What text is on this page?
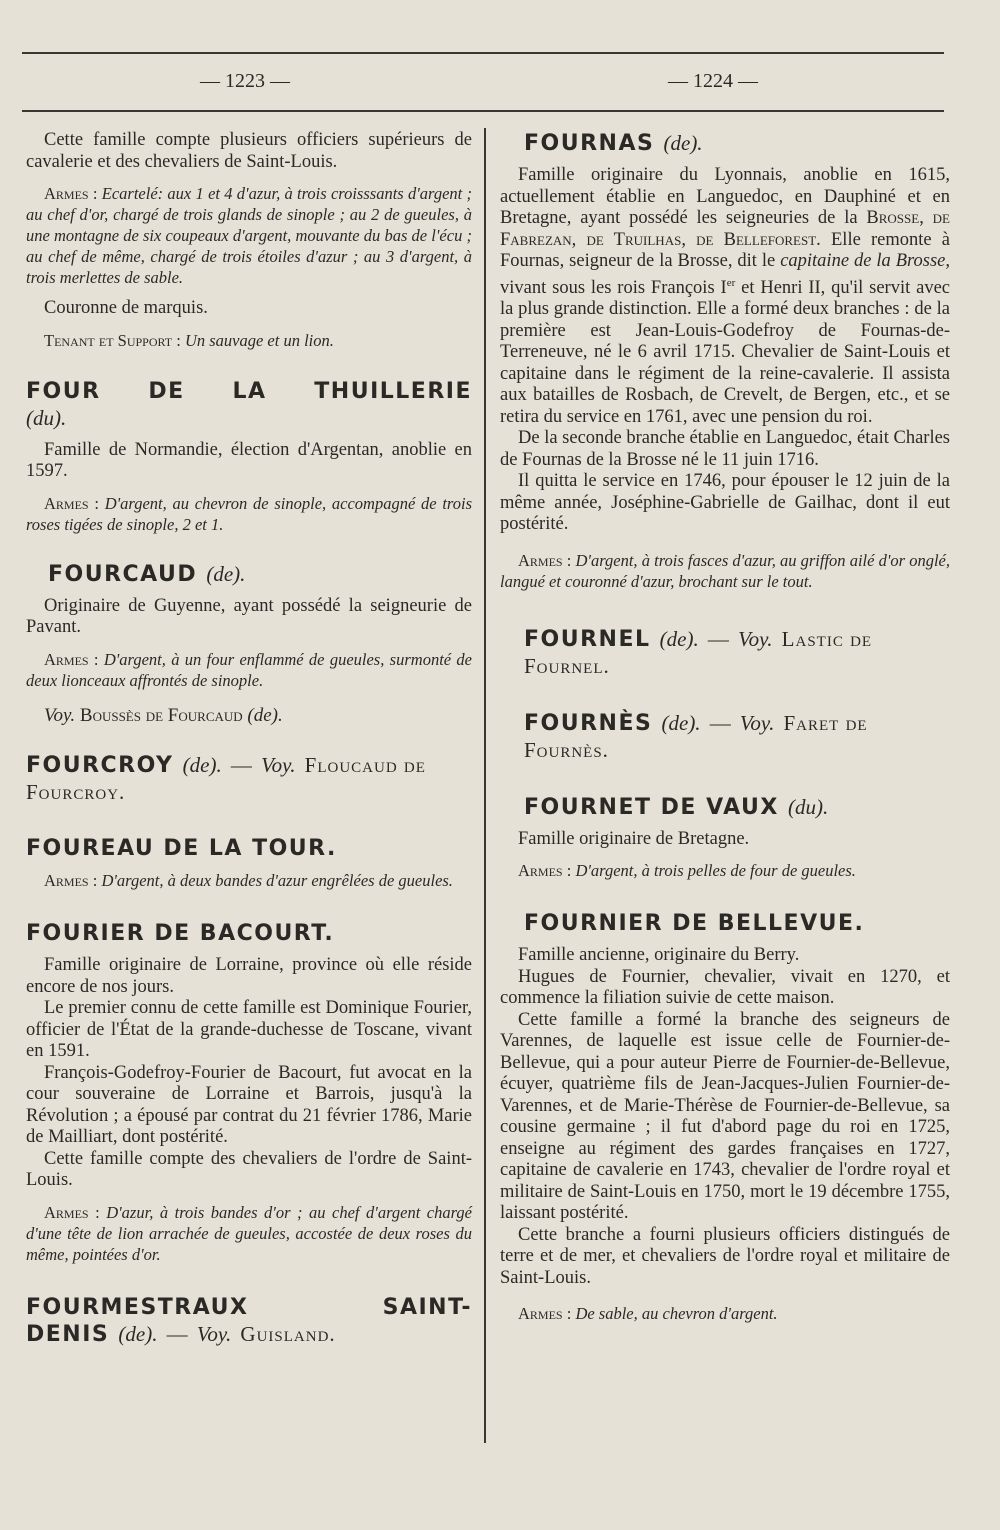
— 1223 —	— 1224 —

Cette famille compte plusieurs officiers supérieurs de cavalerie et des chevaliers de Saint-Louis.

Armes : Ecartelé: aux 1 et 4 d'azur, à trois croisssants d'argent ; au chef d'or, chargé de trois glands de sinople ; au 2 de gueules, à une montagne de six coupeaux d'argent, mouvante du bas de l'écu ; au chef de même, chargé de trois étoiles d'azur ; au 3 d'argent, à trois merlettes de sable.

Couronne de marquis.

Tenant et Support : Un sauvage et un lion.

FOUR DE LA THUILLERIE
(du).

Famille de Normandie, élection d'Argentan, anoblie en 1597.

Armes : D'argent, au chevron de sinople, accompagné de trois roses tigées de sinople, 2 et 1.

FOURCAUD (de).

Originaire de Guyenne, ayant possédé la seigneurie de Pavant.

Armes : D'argent, à un four enflammé de gueules, surmonté de deux lionceaux affrontés de sinople.

Voy. Boussès de Fourcaud (de).

FOURCROY (de). — Voy. Floucaud de Fourcroy.
FOUREAU DE LA TOUR.

Armes : D'argent, à deux bandes d'azur engrêlées de gueules.

FOURIER DE BACOURT.

Famille originaire de Lorraine, province où elle réside encore de nos jours.

Le premier connu de cette famille est Dominique Fourier, officier de l'État de la grande-duchesse de Toscane, vivant en 1591.

François-Godefroy-Fourier de Bacourt, fut avocat en la cour souveraine de Lorraine et Barrois, jusqu'à la Révolution ; a épousé par contrat du 21 février 1786, Marie de Mailliart, dont postérité.

Cette famille compte des chevaliers de l'ordre de Saint-Louis.

Armes : D'azur, à trois bandes d'or ; au chef d'argent chargé d'une tête de lion arrachée de gueules, accostée de deux roses du même, pointées d'or.

FOURMESTRAUX SAINT-
DENIS (de). — Voy. Guisland.
FOURNAS (de).

Famille originaire du Lyonnais, anoblie en 1615, actuellement établie en Languedoc, en Dauphiné et en Bretagne, ayant possédé les seigneuries de la Brosse, de Fabrezan, de Truilhas, de Belleforest. Elle remonte à Fournas, seigneur de la Brosse, dit le capitaine de la Brosse, vivant sous les rois François Ier et Henri II, qu'il servit avec la plus grande distinction. Elle a formé deux branches : de la première est Jean-Louis-Godefroy de Fournas-de-Terreneuve, né le 6 avril 1715. Chevalier de Saint-Louis et capitaine dans le régiment de la reine-cavalerie. Il assista aux batailles de Rosbach, de Crevelt, de Bergen, etc., et se retira du service en 1761, avec une pension du roi.

De la seconde branche établie en Languedoc, était Charles de Fournas de la Brosse né le 11 juin 1716.

Il quitta le service en 1746, pour épouser le 12 juin de la même année, Joséphine-Gabrielle de Gailhac, dont il eut postérité.

Armes : D'argent, à trois fasces d'azur, au griffon ailé d'or onglé, langué et couronné d'azur, brochant sur le tout.

FOURNEL (de). — Voy. Lastic de Fournel.
FOURNÈS (de). — Voy. Faret de Fournès.
FOURNET DE VAUX (du).

Famille originaire de Bretagne.

Armes : D'argent, à trois pelles de four de gueules.

FOURNIER DE BELLEVUE.

Famille ancienne, originaire du Berry.

Hugues de Fournier, chevalier, vivait en 1270, et commence la filiation suivie de cette maison.

Cette famille a formé la branche des seigneurs de Varennes, de laquelle est issue celle de Fournier-de-Bellevue, qui a pour auteur Pierre de Fournier-de-Bellevue, écuyer, quatrième fils de Jean-Jacques-Julien Fournier-de-Varennes, et de Marie-Thérèse de Fournier-de-Bellevue, sa cousine germaine ; il fut d'abord page du roi en 1725, enseigne au régiment des gardes françaises en 1727, capitaine de cavalerie en 1743, chevalier de l'ordre royal et militaire de Saint-Louis en 1750, mort le 19 décembre 1755, laissant postérité.

Cette branche a fourni plusieurs officiers distingués de terre et de mer, et chevaliers de l'ordre royal et militaire de Saint-Louis.

Armes : De sable, au chevron d'argent.
